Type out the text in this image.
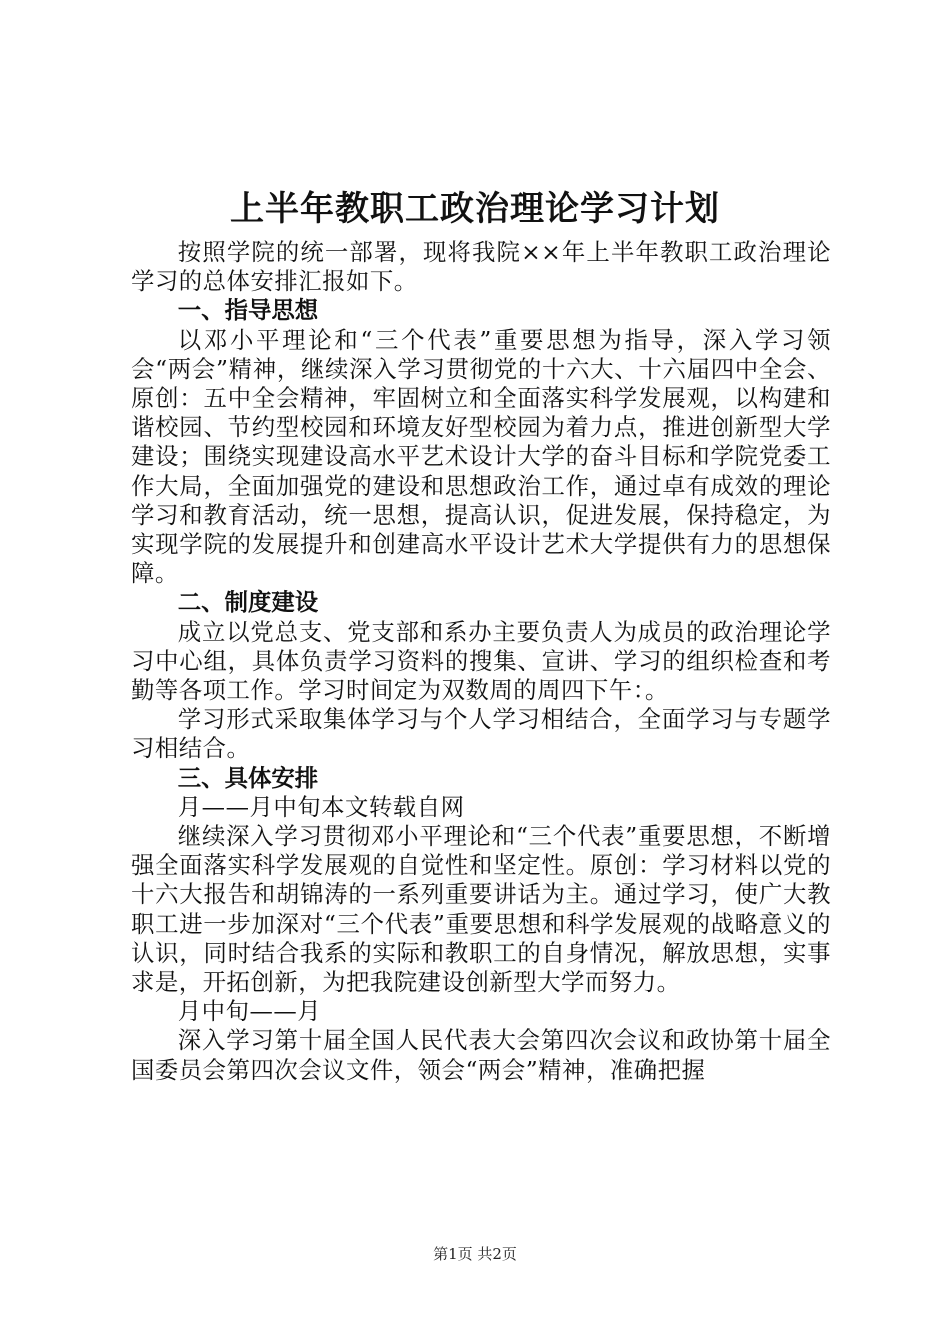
上半年教职工政治理论学习计划

按照学院的统一部署，现将我院××年上半年教职工政治理论学习的总体安排汇报如下。

一、指导思想

以邓小平理论和“三个代表”重要思想为指导，深入学习领会“两会”精神，继续深入学习贯彻党的十六大、十六届四中全会、原创：五中全会精神，牢固树立和全面落实科学发展观，以构建和谐校园、节约型校园和环境友好型校园为着力点，推进创新型大学建设；围绕实现建设高水平艺术设计大学的奋斗目标和学院党委工作大局，全面加强党的建设和思想政治工作，通过卓有成效的理论学习和教育活动，统一思想，提高认识，促进发展，保持稳定，为实现学院的发展提升和创建高水平设计艺术大学提供有力的思想保障。

二、制度建设

成立以党总支、党支部和系办主要负责人为成员的政治理论学习中心组，具体负责学习资料的搜集、宣讲、学习的组织检查和考勤等各项工作。学习时间定为双数周的周四下午：。

学习形式采取集体学习与个人学习相结合，全面学习与专题学习相结合。

三、具体安排

月——月中旬本文转载自网

继续深入学习贯彻邓小平理论和“三个代表”重要思想，不断增强全面落实科学发展观的自觉性和坚定性。原创：学习材料以党的十六大报告和胡锦涛的一系列重要讲话为主。通过学习，使广大教职工进一步加深对“三个代表”重要思想和科学发展观的战略意义的认识，同时结合我系的实际和教职工的自身情况，解放思想，实事求是，开拓创新，为把我院建设创新型大学而努力。

月中旬——月

深入学习第十届全国人民代表大会第四次会议和政协第十届全国委员会第四次会议文件，领会“两会”精神，准确把握

第1页 共2页
